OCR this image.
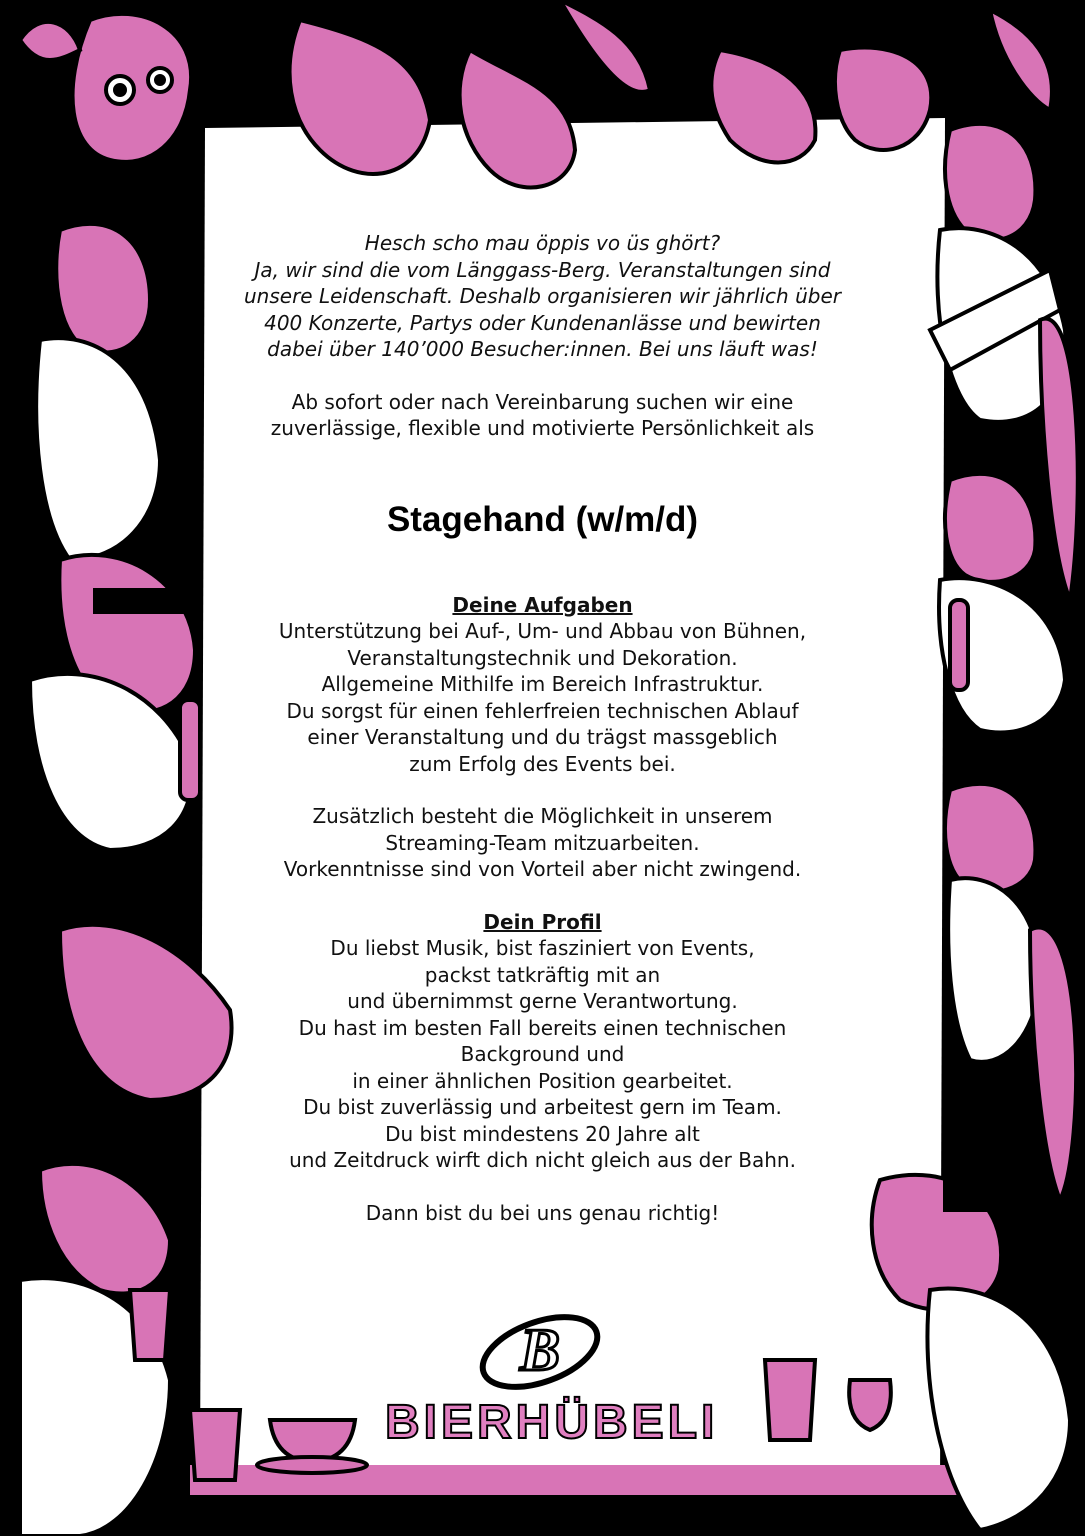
B
BIERHÜBELI

Hesch scho mau öppis vo üs ghört?

Ja, wir sind die vom Länggass-Berg. Veranstaltungen sind

unsere Leidenschaft. Deshalb organisieren wir jährlich über

400 Konzerte, Partys oder Kundenanlässe und bewirten

dabei über 140’000 Besucher:innen. Bei uns läuft was!

Ab sofort oder nach Vereinbarung suchen wir eine

zuverlässige, flexible und motivierte Persönlichkeit als

Stagehand (w/m/d)

Deine Aufgaben

Unterstützung bei Auf-, Um- und Abbau von Bühnen,

Veranstaltungstechnik und Dekoration.

Allgemeine Mithilfe im Bereich Infrastruktur.

Du sorgst für einen fehlerfreien technischen Ablauf

einer Veranstaltung und du trägst massgeblich

zum Erfolg des Events bei.

Zusätzlich besteht die Möglichkeit in unserem

Streaming-Team mitzuarbeiten.

Vorkenntnisse sind von Vorteil aber nicht zwingend.

Dein Profil

Du liebst Musik, bist fasziniert von Events,

packst tatkräftig mit an

und übernimmst gerne Verantwortung.

Du hast im besten Fall bereits einen technischen

Background und

in einer ähnlichen Position gearbeitet.

Du bist zuverlässig und arbeitest gern im Team.

Du bist mindestens 20 Jahre alt

und Zeitdruck wirft dich nicht gleich aus der Bahn.

Dann bist du bei uns genau richtig!
